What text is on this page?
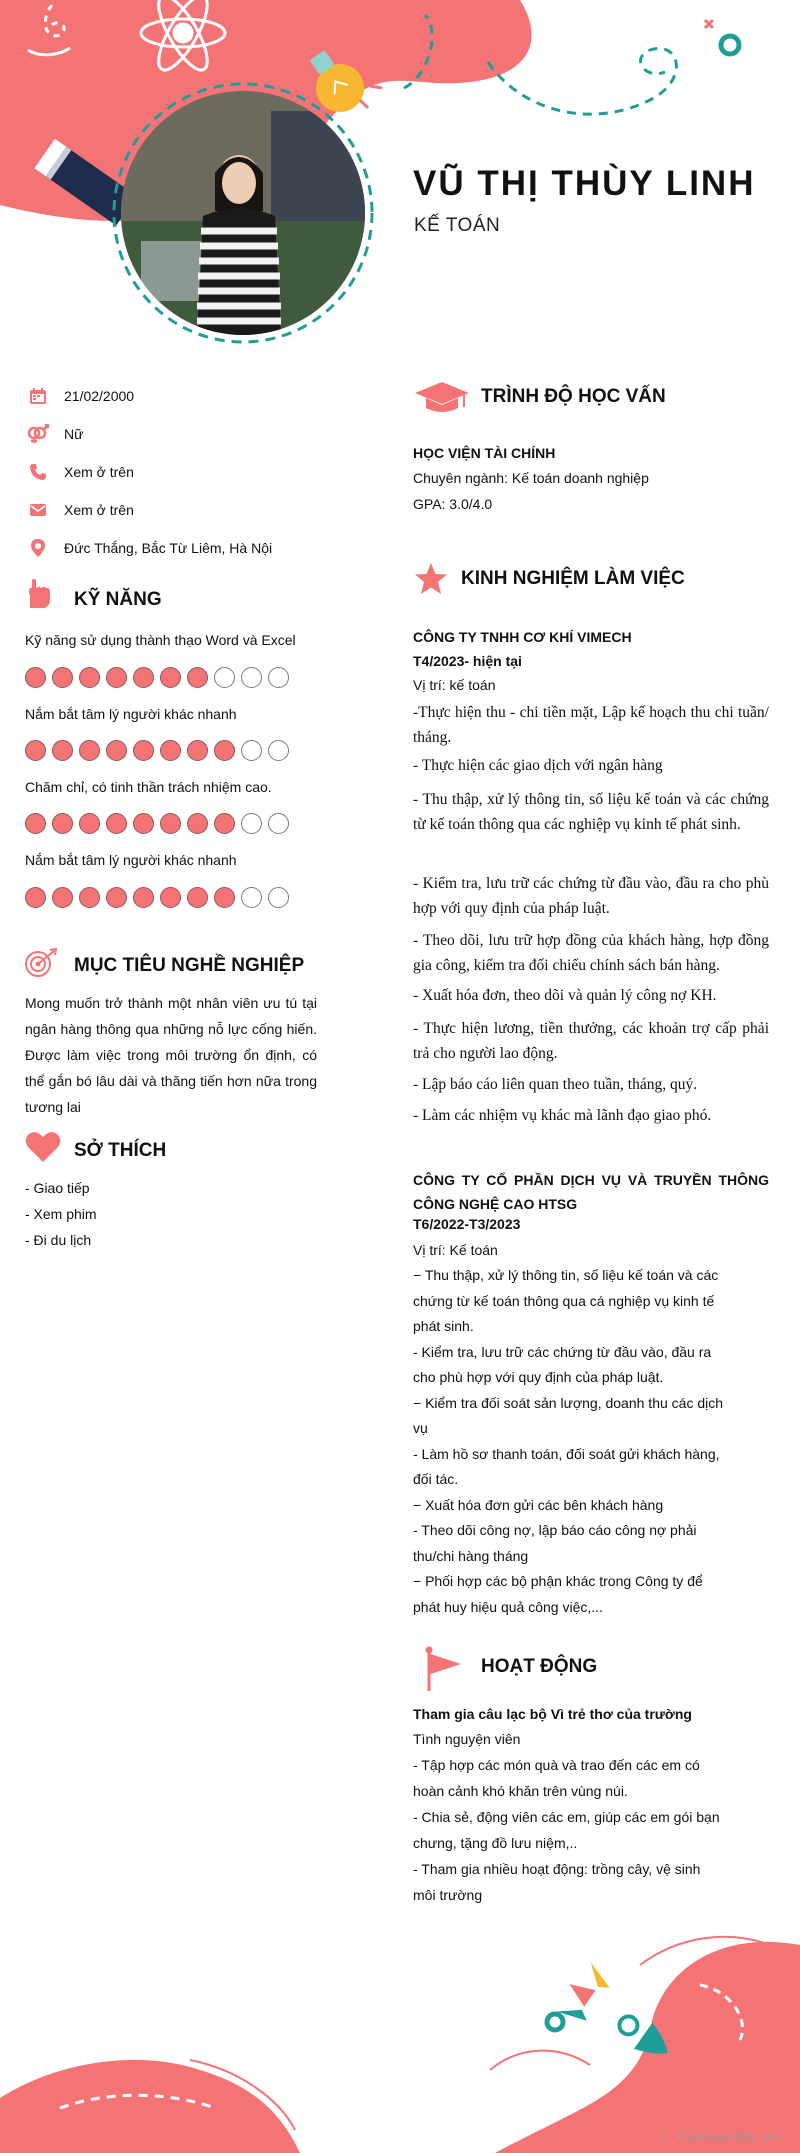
VŨ THỊ THÙY LINH
KẾ TOÁN
21/02/2000
Nữ
Xem ở trên
Xem ở trên
Đức Thắng, Bắc Từ Liêm, Hà Nội
KỸ NĂNG
Kỹ năng sử dụng thành thạo Word và Excel
Nắm bắt tâm lý người khác nhanh
Chăm chỉ, có tinh thần trách nhiệm cao.
Nắm bắt tâm lý người khác nhanh
MỤC TIÊU NGHỀ NGHIỆP
Mong muốn trở thành một nhân viên ưu tú tại ngân hàng thông qua những nỗ lực cống hiến. Được làm việc trong môi trường ổn định, có thể gắn bó lâu dài và thăng tiến hơn nữa trong tương lai
SỞ THÍCH
- Giao tiếp
- Xem phim
- Đi du lịch
TRÌNH ĐỘ HỌC VẤN
HỌC VIỆN TÀI CHÍNH
Chuyên ngành: Kế toán doanh nghiệp
GPA: 3.0/4.0
KINH NGHIỆM LÀM VIỆC
CÔNG TY TNHH CƠ KHÍ VIMECH
T4/2023- hiện tại
Vị trí: kế toán
-Thực hiện thu - chi tiền mặt, Lập kế hoạch thu chi tuần/ tháng.
- Thực hiện các giao dịch với ngân hàng
- Thu thập, xử lý thông tin, số liệu kế toán và các chứng từ kế toán thông qua các nghiệp vụ kinh tế phát sinh.
- Kiểm tra, lưu trữ các chứng từ đầu vào, đầu ra cho phù hợp với quy định của pháp luật.
- Theo dõi, lưu trữ hợp đồng của khách hàng, hợp đồng gia công, kiểm tra đối chiếu chính sách bán hàng.
- Xuất hóa đơn, theo dõi và quản lý công nợ KH.
- Thực hiện lương, tiền thưởng, các khoản trợ cấp phải trả cho người lao động.
- Lập báo cáo liên quan theo tuần, tháng, quý.
- Làm các nhiệm vụ khác mà lãnh đạo giao phó.
CÔNG TY CỔ PHẦN DỊCH VỤ VÀ TRUYỀN THÔNG CÔNG NGHỆ CAO HTSG
T6/2022-T3/2023
Vị trí: Kế toán
− Thu thập, xử lý thông tin, số liệu kế toán và các
chứng từ kế toán thông qua cá nghiệp vụ kinh tế
phát sinh.
- Kiểm tra, lưu trữ các chứng từ đầu vào, đầu ra
cho phù hợp với quy định của pháp luật.
− Kiểm tra đối soát sản lượng, doanh thu các dịch
vụ
- Làm hồ sơ thanh toán, đối soát gửi khách hàng,
đối tác.
− Xuất hóa đơn gửi các bên khách hàng
- Theo dõi công nợ, lập báo cáo công nợ phải
thu/chi hàng tháng
− Phối hợp các bộ phận khác trong Công ty để
phát huy hiệu quả công việc,...
HOẠT ĐỘNG
Tham gia câu lạc bộ Vì trẻ thơ của trường
Tình nguyện viên
- Tập hợp các món quà và trao đến các em có
hoàn cảnh khó khăn trên vùng núi.
- Chia sẻ, động viên các em, giúp các em gói bạn
chưng, tặng đồ lưu niệm,..
- Tham gia nhiều hoạt động: trồng cây, vệ sinh
môi trường
∴ Timviec365.vn
